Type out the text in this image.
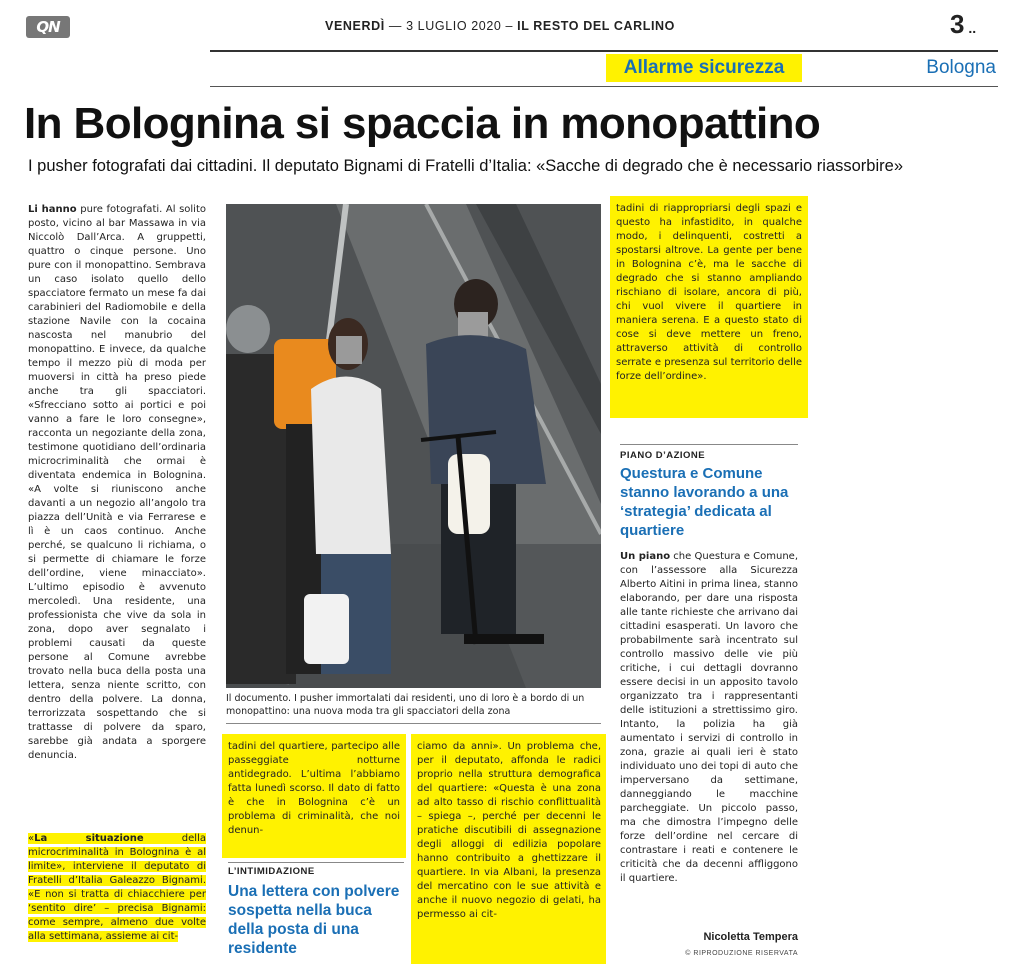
QN	VENERDÌ — 3 LUGLIO 2020 – IL RESTO DEL CARLINO	3 ..
Allarme sicurezza	Bologna
In Bolognina si spaccia in monopattino
I pusher fotografati dai cittadini. Il deputato Bignami di Fratelli d’Italia: «Sacche di degrado che è necessario riassorbire»

Li hanno pure fotografati. Al solito posto, vicino al bar Massawa in via Niccolò Dall’Arca. A gruppetti, quattro o cinque persone. Uno pure con il monopattino. Sembrava un caso isolato quello dello spacciatore fermato un mese fa dai carabinieri del Radiomobile e della stazione Navile con la cocaina nascosta nel manubrio del monopattino. E invece, da qualche tempo il mezzo più di moda per muoversi in città ha preso piede anche tra gli spacciatori. «Sfrecciano sotto ai portici e poi vanno a fare le loro consegne», racconta un negoziante della zona, testimone quotidiano dell’ordinaria microcriminalità che ormai è diventata endemica in Bolognina. «A volte si riuniscono anche davanti a un negozio all’angolo tra piazza dell’Unità e via Ferrarese e lì è un caos continuo. Anche perché, se qualcuno li richiama, o si permette di chiamare le forze dell’ordine, viene minacciato». L’ultimo episodio è avvenuto mercoledì. Una residente, una professionista che vive da sola in zona, dopo aver segnalato i problemi causati da queste persone al Comune avrebbe trovato nella buca della posta una lettera, senza niente scritto, con dentro della polvere. La donna, terrorizzata sospettando che si trattasse di polvere da sparo, sarebbe già andata a sporgere denuncia.

«La situazione della microcriminalità in Bolognina è al limite», interviene il deputato di Fratelli d’Italia Galeazzo Bignami. «E non si tratta di chiacchiere per ‘sentito dire’ – precisa Bignami: come sempre, almeno due volte alla settimana, assieme ai cit-

Il documento. I pusher immortalati dai residenti, uno di loro è a bordo di un monopattino: una nuova moda tra gli spacciatori della zona

tadini del quartiere, partecipo alle passeggiate notturne antidegrado. L’ultima l’abbiamo fatta lunedì scorso. Il dato di fatto è che in Bolognina c’è un problema di criminalità, che noi denun-

ciamo da anni». Un problema che, per il deputato, affonda le radici proprio nella struttura demografica del quartiere: «Questa è una zona ad alto tasso di rischio conflittualità – spiega –, perché per decenni le pratiche discutibili di assegnazione degli alloggi di edilizia popolare hanno contribuito a ghettizzare il quartiere. In via Albani, la presenza del mercatino con le sue attività e anche il nuovo negozio di gelati, ha permesso ai cit-

tadini di riappropriarsi degli spazi e questo ha infastidito, in qualche modo, i delinquenti, costretti a spostarsi altrove. La gente per bene in Bolognina c’è, ma le sacche di degrado che si stanno ampliando rischiano di isolare, ancora di più, chi vuol vivere il quartiere in maniera serena. E a questo stato di cose si deve mettere un freno, attraverso attività di controllo serrate e presenza sul territorio delle forze dell’ordine».

L’INTIMIDAZIONE
Una lettera con polvere sospetta nella buca della posta di una residente
PIANO D’AZIONE
Questura e Comune stanno lavorando a una ‘strategia’ dedicata al quartiere

Un piano che Questura e Comune, con l’assessore alla Sicurezza Alberto Aitini in prima linea, stanno elaborando, per dare una risposta alle tante richieste che arrivano dai cittadini esasperati. Un lavoro che probabilmente sarà incentrato sul controllo massivo delle vie più critiche, i cui dettagli dovranno essere decisi in un apposito tavolo organizzato tra i rappresentanti delle istituzioni a strettissimo giro. Intanto, la polizia ha già aumentato i servizi di controllo in zona, grazie ai quali ieri è stato individuato uno dei topi di auto che imperversano da settimane, danneggiando le macchine parcheggiate. Un piccolo passo, ma che dimostra l’impegno delle forze dell’ordine nel cercare di contrastare i reati e contenere le criticità che da decenni affliggono il quartiere.

Nicoletta Tempera
© RIPRODUZIONE RISERVATA
